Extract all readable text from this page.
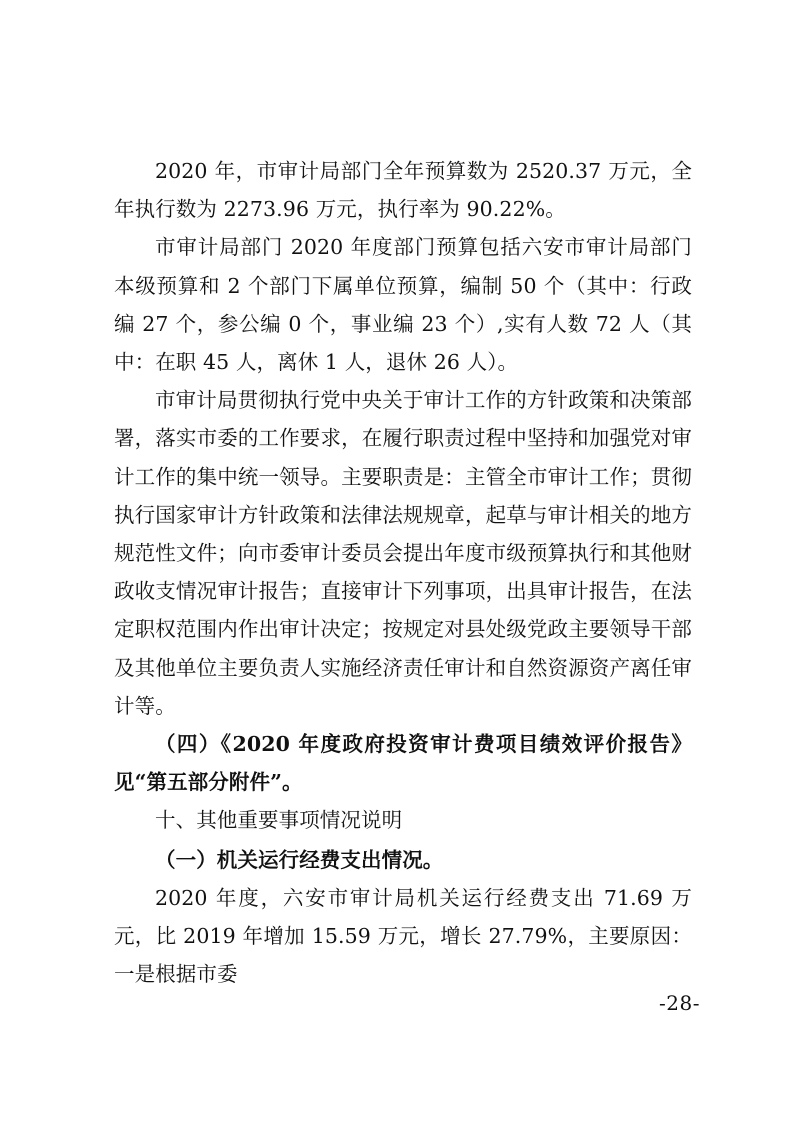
2020 年，市审计局部门全年预算数为 2520.37 万元，全年执行数为 2273.96 万元，执行率为 90.22%。

市审计局部门 2020 年度部门预算包括六安市审计局部门本级预算和 2 个部门下属单位预算，编制 50 个（其中：行政编 27 个，参公编 0 个，事业编 23 个）,实有人数 72 人（其中：在职 45 人，离休 1 人，退休 26 人）。

市审计局贯彻执行党中央关于审计工作的方针政策和决策部署，落实市委的工作要求，在履行职责过程中坚持和加强党对审计工作的集中统一领导。主要职责是：主管全市审计工作；贯彻执行国家审计方针政策和法律法规规章，起草与审计相关的地方规范性文件；向市委审计委员会提出年度市级预算执行和其他财政收支情况审计报告；直接审计下列事项，出具审计报告，在法定职权范围内作出审计决定；按规定对县处级党政主要领导干部及其他单位主要负责人实施经济责任审计和自然资源资产离任审计等。

（四）《2020 年度政府投资审计费项目绩效评价报告》见“第五部分附件”。

十、其他重要事项情况说明

（一）机关运行经费支出情况。

2020 年度，六安市审计局机关运行经费支出 71.69 万元，比 2019 年增加 15.59 万元，增长 27.79%，主要原因：一是根据市委

-28-
